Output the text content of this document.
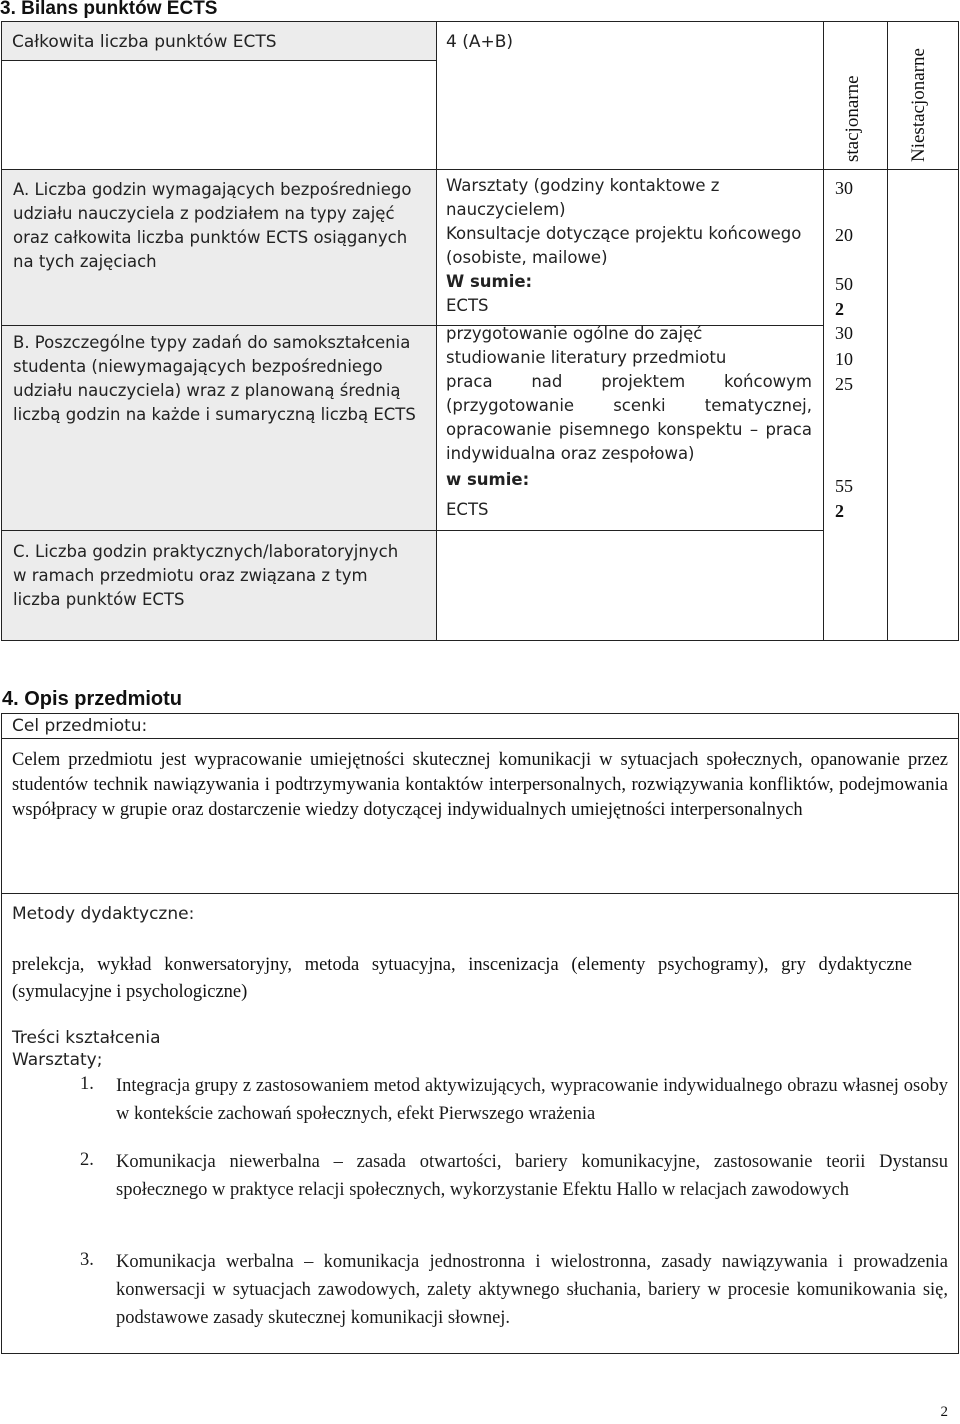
3. Bilans punktów ECTS
Całkowita liczba punktów ECTS	4 (A+B)
stacjonarne Niestacjonarne
A. Liczba godzin wymagających bezpośredniego udziału nauczyciela z podziałem na typy zajęć oraz całkowita liczba punktów ECTS osiąganych na tych zajęciach
Warsztaty (godziny kontaktowe z nauczycielem)
Konsultacje dotyczące projektu końcowego (osobiste, mailowe)
W sumie:
ECTS
30
20
50
2
B. Poszczególne typy zadań do samokształcenia studenta (niewymagających bezpośredniego udziału nauczyciela) wraz z planowaną średnią liczbą godzin na każde i sumaryczną liczbą ECTS
przygotowanie ogólne do zajęć
studiowanie literatury przedmiotu
praca nad projektem końcowym (przygotowanie scenki tematycznej, opracowanie pisemnego konspektu – praca indywidualna oraz zespołowa)
w sumie:
ECTS
30
10
25
55
2
C. Liczba godzin praktycznych/laboratoryjnych w ramach przedmiotu oraz związana z tym liczba punktów ECTS
4. Opis przedmiotu
Cel przedmiotu:
Celem przedmiotu jest wypracowanie umiejętności skutecznej komunikacji w sytuacjach społecznych, opanowanie przez studentów technik nawiązywania i podtrzymywania kontaktów interpersonalnych, rozwiązywania konfliktów, podejmowania współpracy w grupie oraz dostarczenie wiedzy dotyczącej indywidualnych umiejętności interpersonalnych
Metody dydaktyczne:
prelekcja, wykład konwersatoryjny, metoda sytuacyjna, inscenizacja (elementy psychogramy), gry dydaktyczne (symulacyjne i psychologiczne)
Treści kształcenia
Warsztaty;
1. Integracja grupy z zastosowaniem metod aktywizujących, wypracowanie indywidualnego obrazu własnej osoby w kontekście zachowań społecznych, efekt Pierwszego wrażenia
2. Komunikacja niewerbalna – zasada otwartości, bariery komunikacyjne, zastosowanie teorii Dystansu społecznego w praktyce relacji społecznych, wykorzystanie Efektu Hallo w relacjach zawodowych
3. Komunikacja werbalna – komunikacja jednostronna i wielostronna, zasady nawiązywania i prowadzenia konwersacji w sytuacjach zawodowych, zalety aktywnego słuchania, bariery w procesie komunikowania się, podstawowe zasady skutecznej komunikacji słownej.
2
